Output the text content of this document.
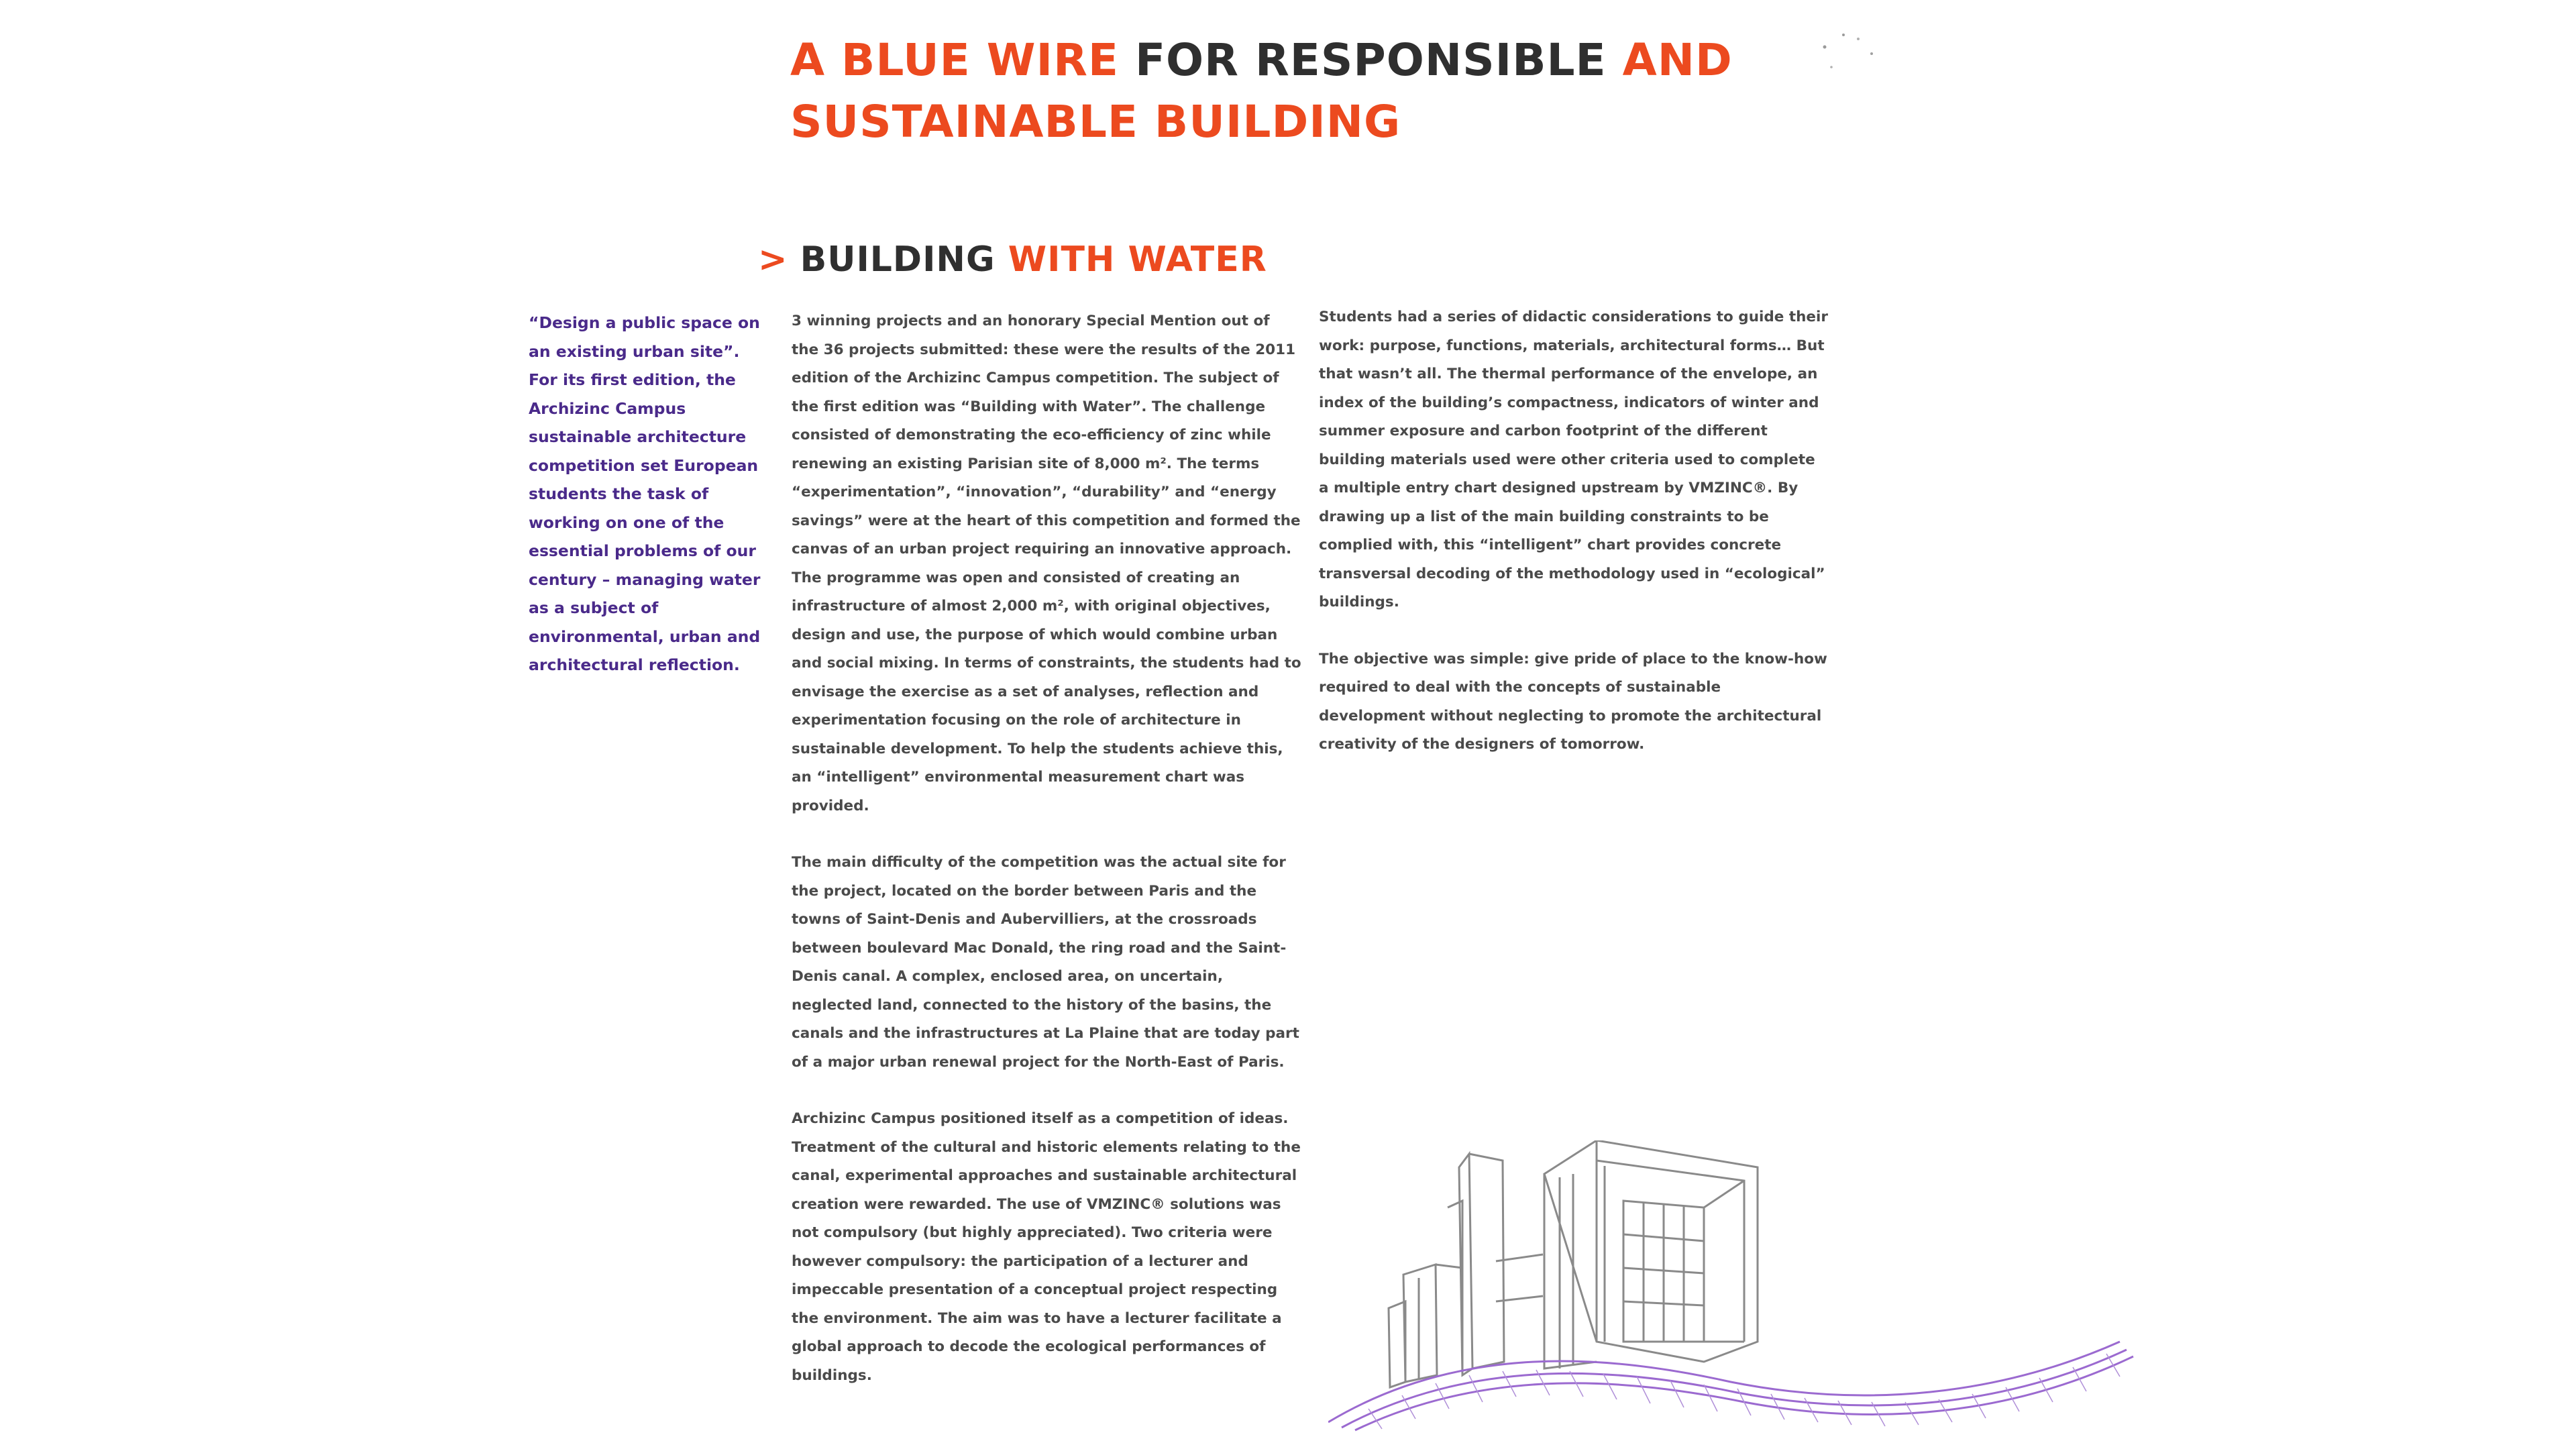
A BLUE WIRE FOR RESPONSIBLE AND SUSTAINABLE BUILDING
> BUILDING WITH WATER

“Design a public space on an existing urban site”. For its first edition, the Archizinc Campus sustainable architecture competition set European students the task of working on one of the essential problems of our century – managing water as a subject of environmental, urban and architectural reflection.

3 winning projects and an honorary Special Mention out of the 36 projects submitted: these were the results of the 2011 edition of the Archizinc Campus competition. The subject of the first edition was “Building with Water”. The challenge consisted of demonstrating the eco-efficiency of zinc while renewing an existing Parisian site of 8,000 m². The terms “experimentation”, “innovation”, “durability” and “energy savings” were at the heart of this competition and formed the canvas of an urban project requiring an innovative approach. The programme was open and consisted of creating an infrastructure of almost 2,000 m², with original objectives, design and use, the purpose of which would combine urban and social mixing. In terms of constraints, the students had to envisage the exercise as a set of analyses, reflection and experimentation focusing on the role of architecture in sustainable development. To help the students achieve this, an “intelligent” environmental measurement chart was provided.

The main difficulty of the competition was the actual site for the project, located on the border between Paris and the towns of Saint-Denis and Aubervilliers, at the crossroads between boulevard Mac Donald, the ring road and the Saint-Denis canal. A complex, enclosed area, on uncertain, neglected land, connected to the history of the basins, the canals and the infrastructures at La Plaine that are today part of a major urban renewal project for the North-East of Paris.

Archizinc Campus positioned itself as a competition of ideas. Treatment of the cultural and historic elements relating to the canal, experimental approaches and sustainable architectural creation were rewarded. The use of VMZINC® solutions was not compulsory (but highly appreciated). Two criteria were however compulsory: the participation of a lecturer and impeccable presentation of a conceptual project respecting the environment. The aim was to have a lecturer facilitate a global approach to decode the ecological performances of buildings.

Students had a series of didactic considerations to guide their work: purpose, functions, materials, architectural forms… But that wasn’t all. The thermal performance of the envelope, an index of the building’s compactness, indicators of winter and summer exposure and carbon footprint of the different building materials used were other criteria used to complete a multiple entry chart designed upstream by VMZINC®. By drawing up a list of the main building constraints to be complied with, this “intelligent” chart provides concrete transversal decoding of the methodology used in “ecological” buildings.

The objective was simple: give pride of place to the know-how required to deal with the concepts of sustainable development without neglecting to promote the architectural creativity of the designers of tomorrow.
